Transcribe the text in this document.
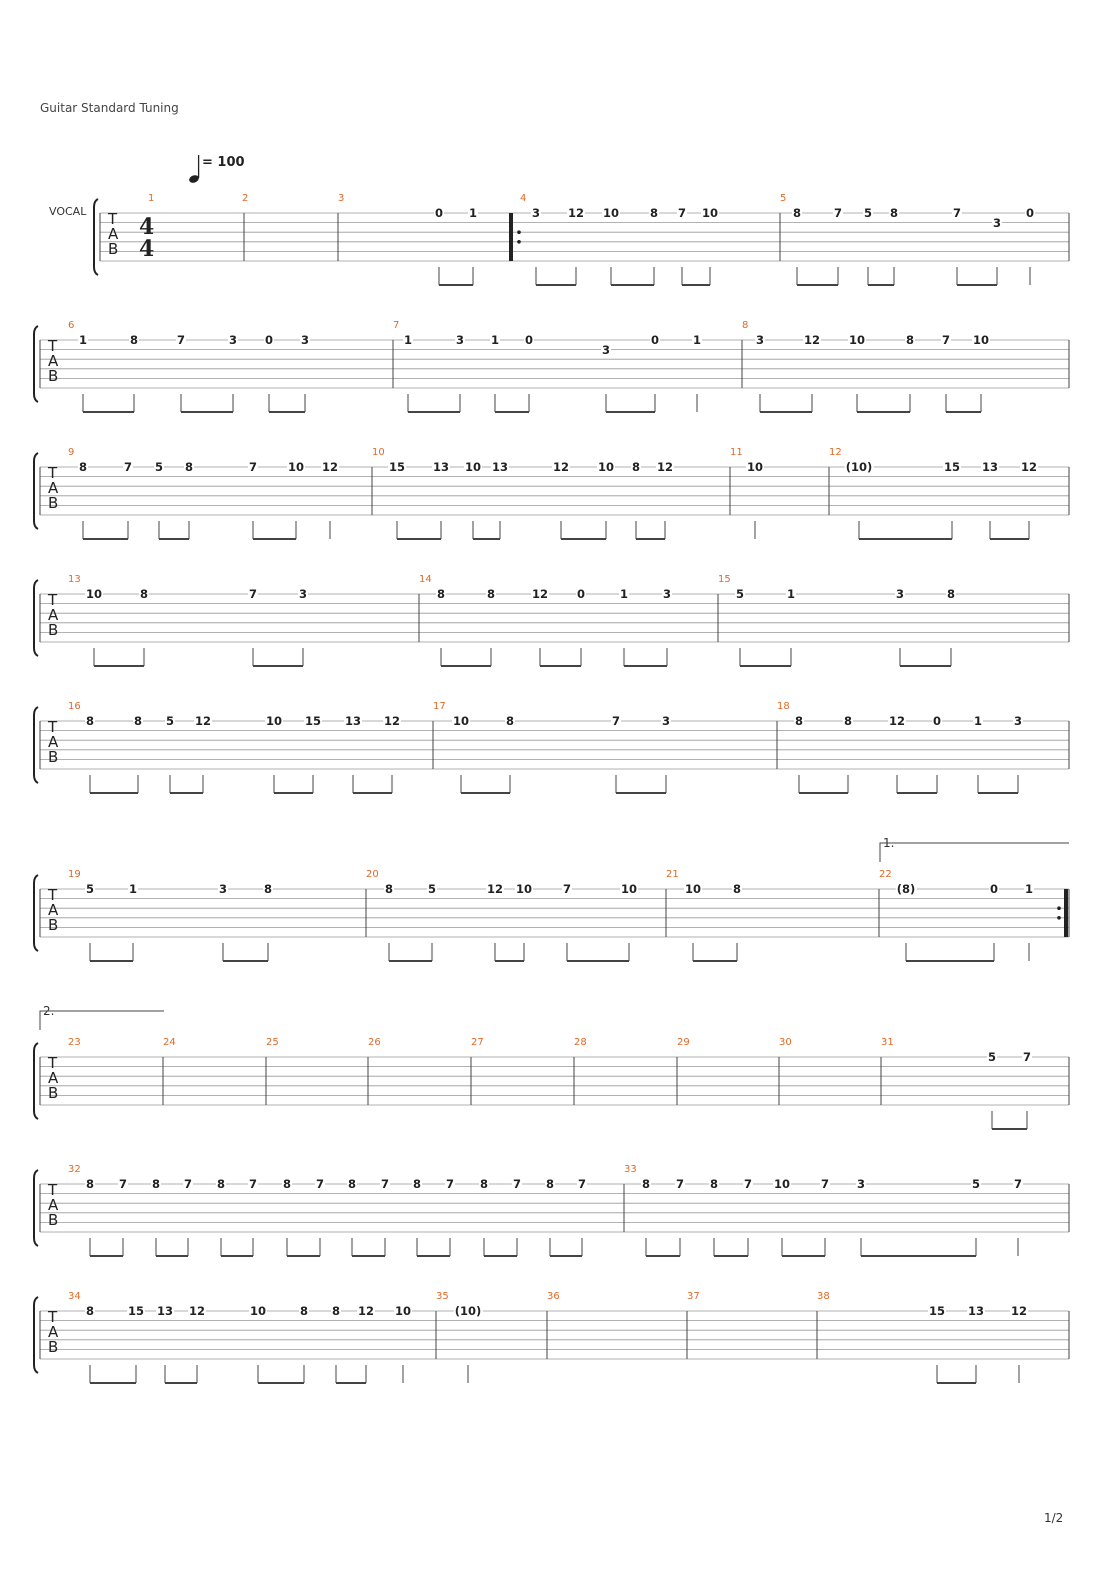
Guitar Standard Tuning
= 100
VOCAL T
A
B
4
4
1	2	3	4	5
0 1	3 12 10	8 7 10	8	7 5 8	7
3
0
T
A
B
6	7	8
1	8	7	3 0 3	1	3 1 0
3
0	1	3	12	10	8 7 10
T
A
B
9	10	11	12
8	7 5 8	7	10 12	15 13 10 13	12	10 8 12	10	(10)	15 13 12
T
A
B
13	14	15
10	8	7	3	8	8	12	0	1	3	5	1	3	8
T
A
B
16	17	18
8	8 5 12	10 15 13 12	10	8	7	3	8	8	12 0	1	3
T
A
B
19	20	21	22
5	1	3	8	8	5	12 10	7	10	10	8	(8)	0 1
T
A
B
23	24	25	26	27	28	29	30	31
5 7
T
A
B
32	33
8 7 8 7 8 7 8 7 8 7 8 7 8 7 8 7	8 7 8 7 10	7 3	5	7
T
A
B
34	35	36	37	38
8	15 13 12	10	8 8 12 10	(10)	15 13 12
1.
2.
1/2
